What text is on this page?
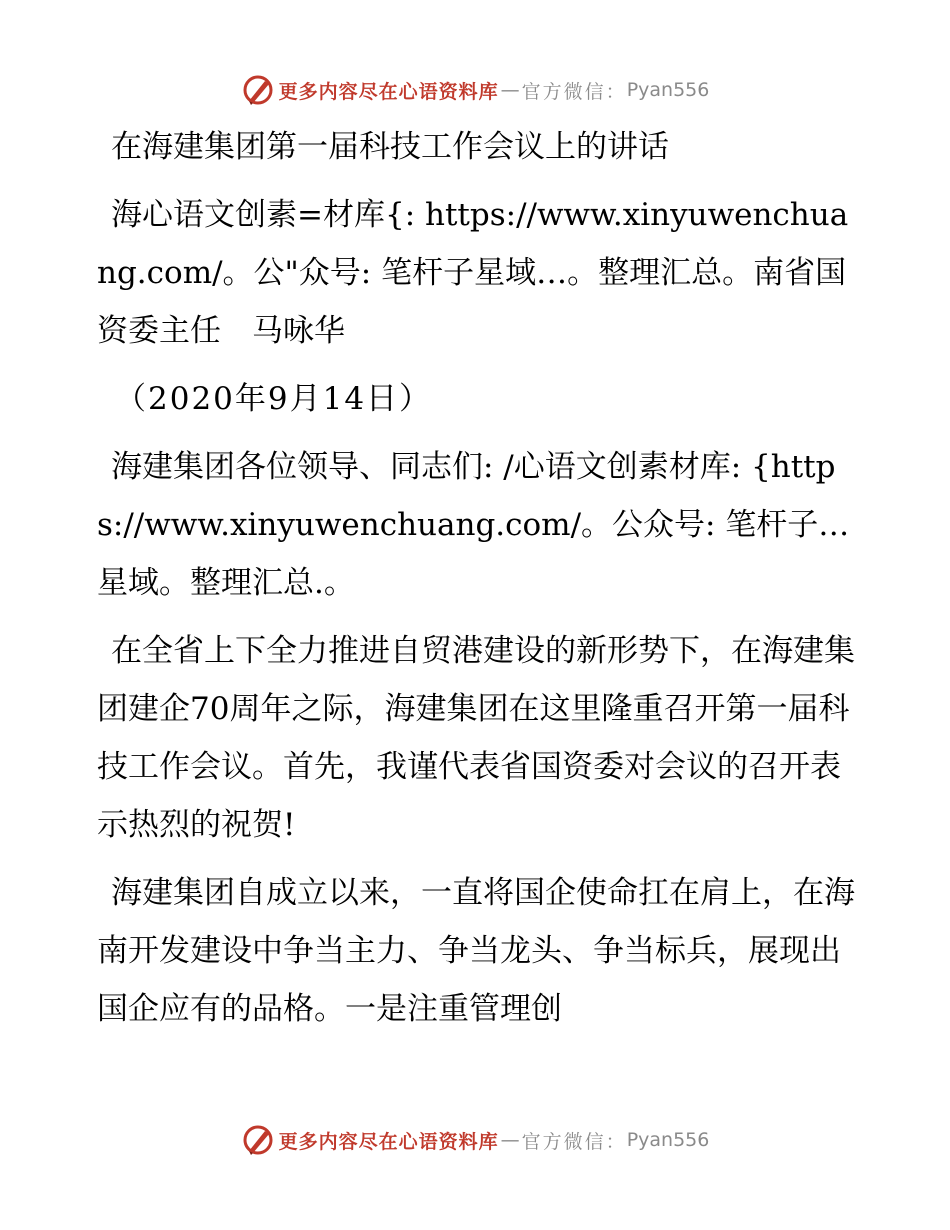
更多内容尽在心语资料库 — 官方微信： Pyan556

在海建集团第一届科技工作会议上的讲话

海心语文创素=材库{: https://www.xinyuwenchuang.com/。公"众号: 笔杆子星域…。整理汇总。南省国资委主任　马咏华

（2020年9月14日）

海建集团各位领导、同志们: /心语文创素材库: {https://www.xinyuwenchuang.com/。公众号: 笔杆子…星域。整理汇总.。

在全省上下全力推进自贸港建设的新形势下，在海建集团建企70周年之际，海建集团在这里隆重召开第一届科技工作会议。首先，我谨代表省国资委对会议的召开表示热烈的祝贺!

海建集团自成立以来，一直将国企使命扛在肩上，在海南开发建设中争当主力、争当龙头、争当标兵，展现出国企应有的品格。一是注重管理创

更多内容尽在心语资料库 — 官方微信： Pyan556
